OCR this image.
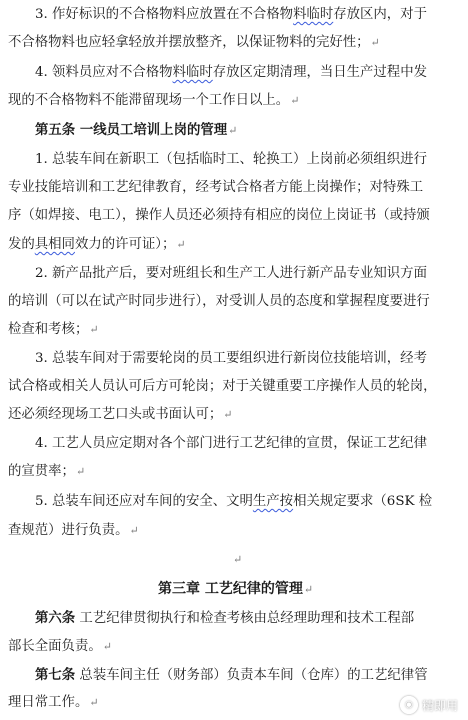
3. 作好标识的不合格物料应放置在不合格物料临时存放区内，对于
不合格物料也应轻拿轻放并摆放整齐，以保证物料的完好性；↵
4. 领料员应对不合格物料临时存放区定期清理，当日生产过程中发
现的不合格物料不能滞留现场一个工作日以上。↵
第五条 一线员工培训上岗的管理↵
1. 总装车间在新职工（包括临时工、轮换工）上岗前必须组织进行
专业技能培训和工艺纪律教育，经考试合格者方能上岗操作；对特殊工
序（如焊接、电工），操作人员还必须持有相应的岗位上岗证书（或持颁
发的具相同效力的许可证）；↵
2. 新产品批产后，要对班组长和生产工人进行新产品专业知识方面
的培训（可以在试产时同步进行），对受训人员的态度和掌握程度要进行
检查和考核；↵
3. 总装车间对于需要轮岗的员工要组织进行新岗位技能培训，经考
试合格或相关人员认可后方可轮岗；对于关键重要工序操作人员的轮岗，
还必须经现场工艺口头或书面认可；↵
4. 工艺人员应定期对各个部门进行工艺纪律的宣贯，保证工艺纪律
的宣贯率；↵
5. 总装车间还应对车间的安全、文明生产按相关规定要求（6SK 检
查规范）进行负责。↵
↵
第三章 工艺纪律的管理↵
第六条 工艺纪律贯彻执行和检查考核由总经理助理和技术工程部
部长全面负责。↵
第七条 总装车间主任（财务部）负责本车间（仓库）的工艺纪律管
理日常工作。↵	◉ 精即用
